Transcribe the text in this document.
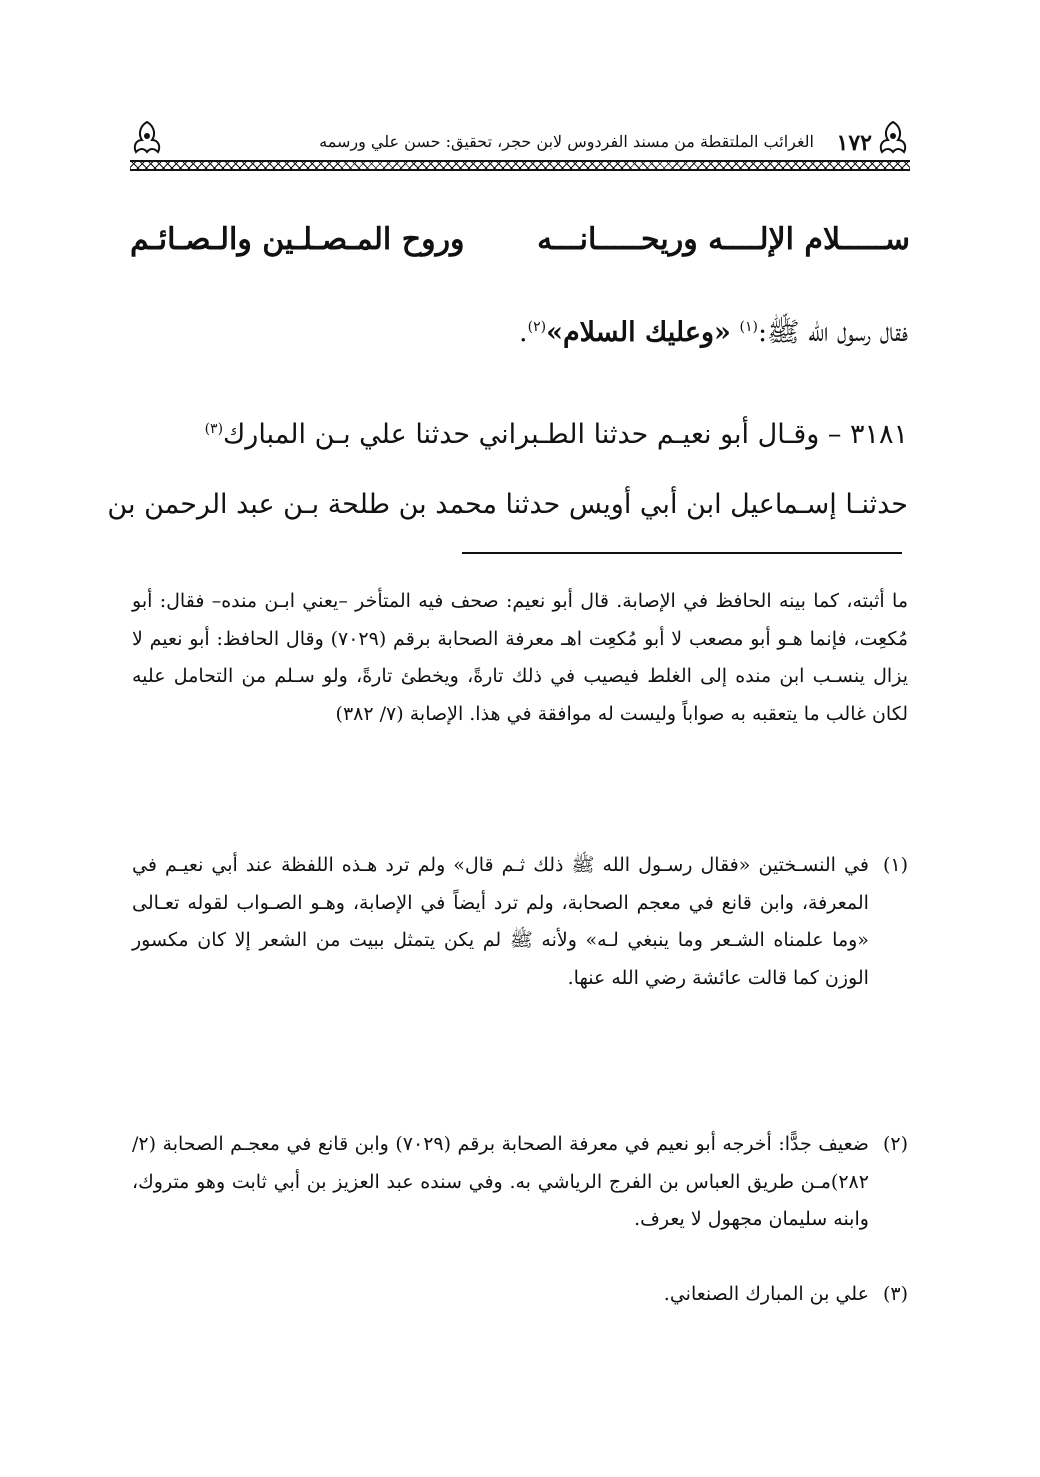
١٧٢
الغرائب الملتقطة من مسند الفردوس لابن حجر، تحقيق: حسن علي ورسمه
ســـــلام الإلــــه وريحـــــانـــه
وروح المـصـلـين والـصـائـم
فقال رسول الله ﷺ:$^{(١)}$ «وعليك السلام»$^{(٢)}$.
٣١٨١ – وقـال أبو نعيـم حدثنا الطـبراني حدثنا علي بـن المبارك$^{(٣)}$
حدثنـا إسـماعيل ابن أبي أويس حدثنا محمد بن طلحة بـن عبد الرحمن بن

ما أثبته، كما بينه الحافظ في الإصابة. قال أبو نعيم: صحف فيه المتأخر –يعني ابـن منده– فقال: أبو مُكعِت، فإنما هـو أبو مصعب لا أبو مُكعِت اهـ معرفة الصحابة برقم (٧٠٢٩) وقال الحافظ: أبو نعيم لا يزال ينسـب ابن منده إلى الغلط فيصيب في ذلك تارةً، ويخطئ تارةً، ولو سـلم من التحامل عليه لكان غالب ما يتعقبه به صواباً وليست له موافقة في هذا. الإصابة (٧/ ٣٨٢)

(١)

في النسـختين «فقال رسـول الله ﷺ ذلك ثـم قال» ولم ترد هـذه اللفظة عند أبي نعيـم في المعرفة، وابن قانع في معجم الصحابة، ولم ترد أيضاً في الإصابة، وهـو الصـواب لقوله تعـالى «وما علمناه الشـعر وما ينبغي لـه» ولأنه ﷺ لم يكن يتمثل ببيت من الشعر إلا كان مكسور الوزن كما قالت عائشة رضي الله عنها.

(٢)

ضعيف جدًّا: أخرجه أبو نعيم في معرفة الصحابة برقم (٧٠٢٩) وابن قانع في معجـم الصحابة (٢/ ٢٨٢)مـن طريق العباس بن الفرج الرياشي به. وفي سنده عبد العزيز بن أبي ثابت وهو متروك، وابنه سليمان مجهول لا يعرف.

(٣)

علي بن المبارك الصنعاني.
